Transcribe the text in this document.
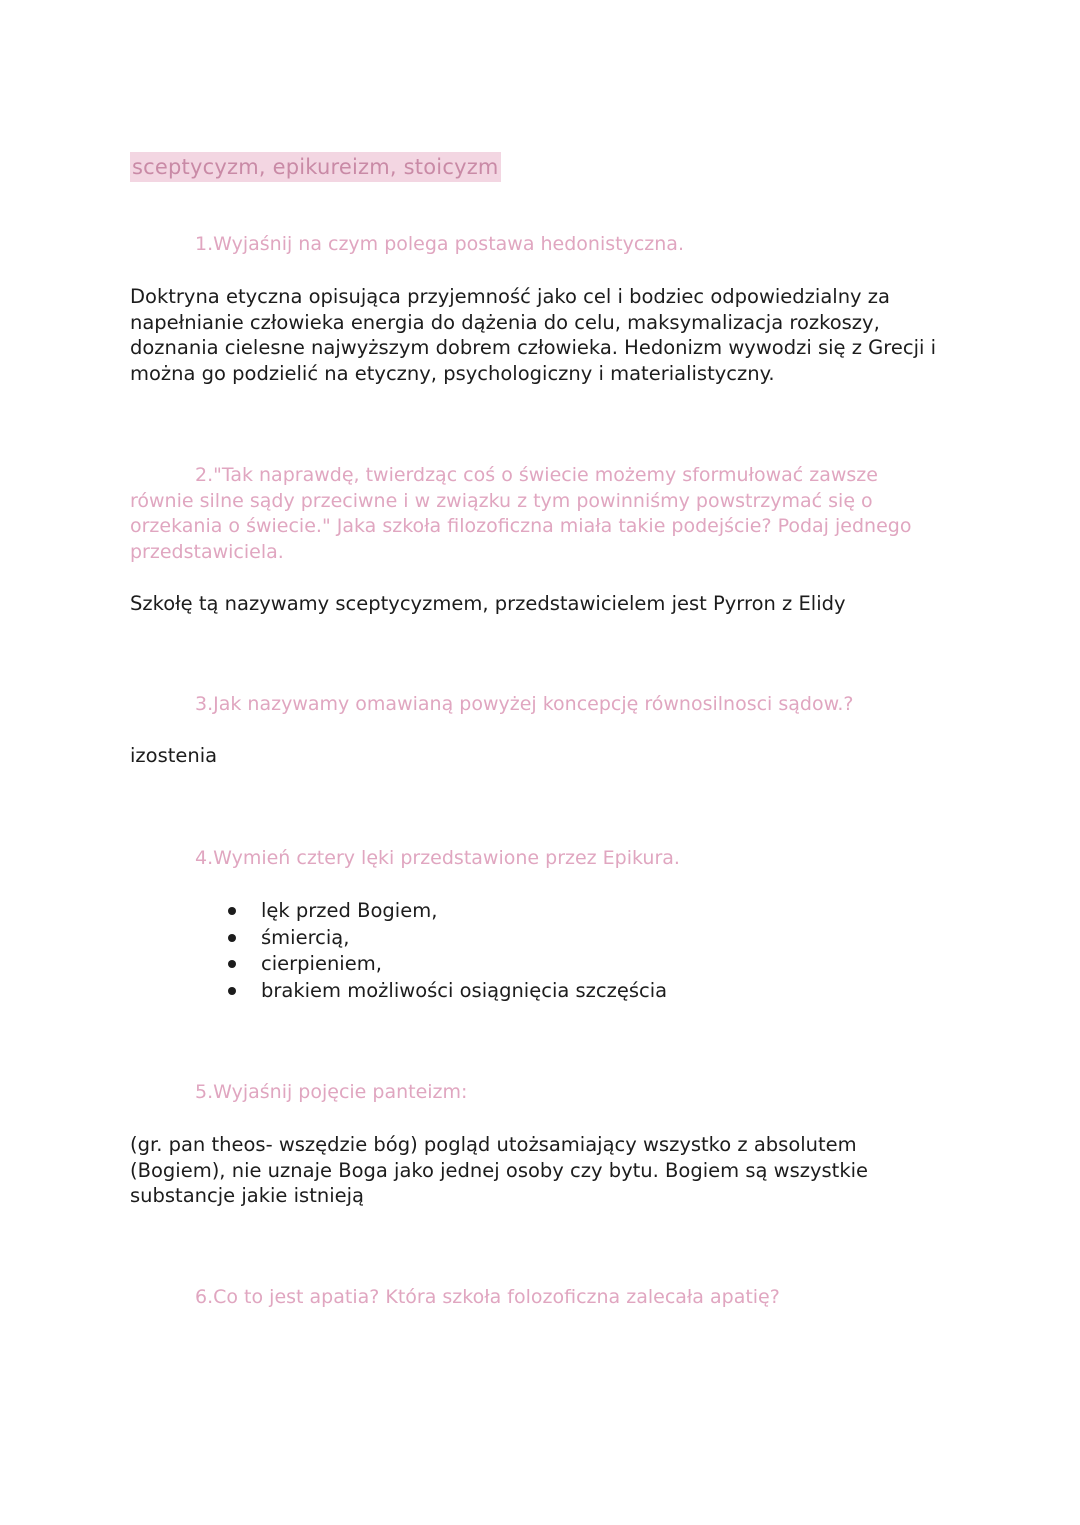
sceptycyzm, epikureizm, stoicyzm

1.Wyjaśnij na czym polega postawa hedonistyczna.

Doktryna etyczna opisująca przyjemność jako cel i bodziec odpowiedzialny za napełnianie człowieka energia do dążenia do celu, maksymalizacja rozkoszy, doznania cielesne najwyższym dobrem człowieka. Hedonizm wywodzi się z Grecji i można go podzielić na etyczny, psychologiczny i materialistyczny.

2."Tak naprawdę, twierdząc coś o świecie możemy sformułować zawsze równie silne sądy przeciwne i w związku z tym powinniśmy powstrzymać się o orzekania o świecie." Jaka szkoła filozoficzna miała takie podejście? Podaj jednego przedstawiciela.

Szkołę tą nazywamy sceptycyzmem, przedstawicielem jest Pyrron z Elidy

3.Jak nazywamy omawianą powyżej koncepcję równosilnosci sądow.?

izostenia

4.Wymień cztery lęki przedstawione przez Epikura.

lęk przed Bogiem,
śmiercią,
cierpieniem,
brakiem możliwości osiągnięcia szczęścia

5.Wyjaśnij pojęcie panteizm:

(gr. pan theos- wszędzie bóg) pogląd utożsamiający wszystko z absolutem (Bogiem), nie uznaje Boga jako jednej osoby czy bytu. Bogiem są wszystkie substancje jakie istnieją

6.Co to jest apatia? Która szkoła folozoficzna zalecała apatię?
